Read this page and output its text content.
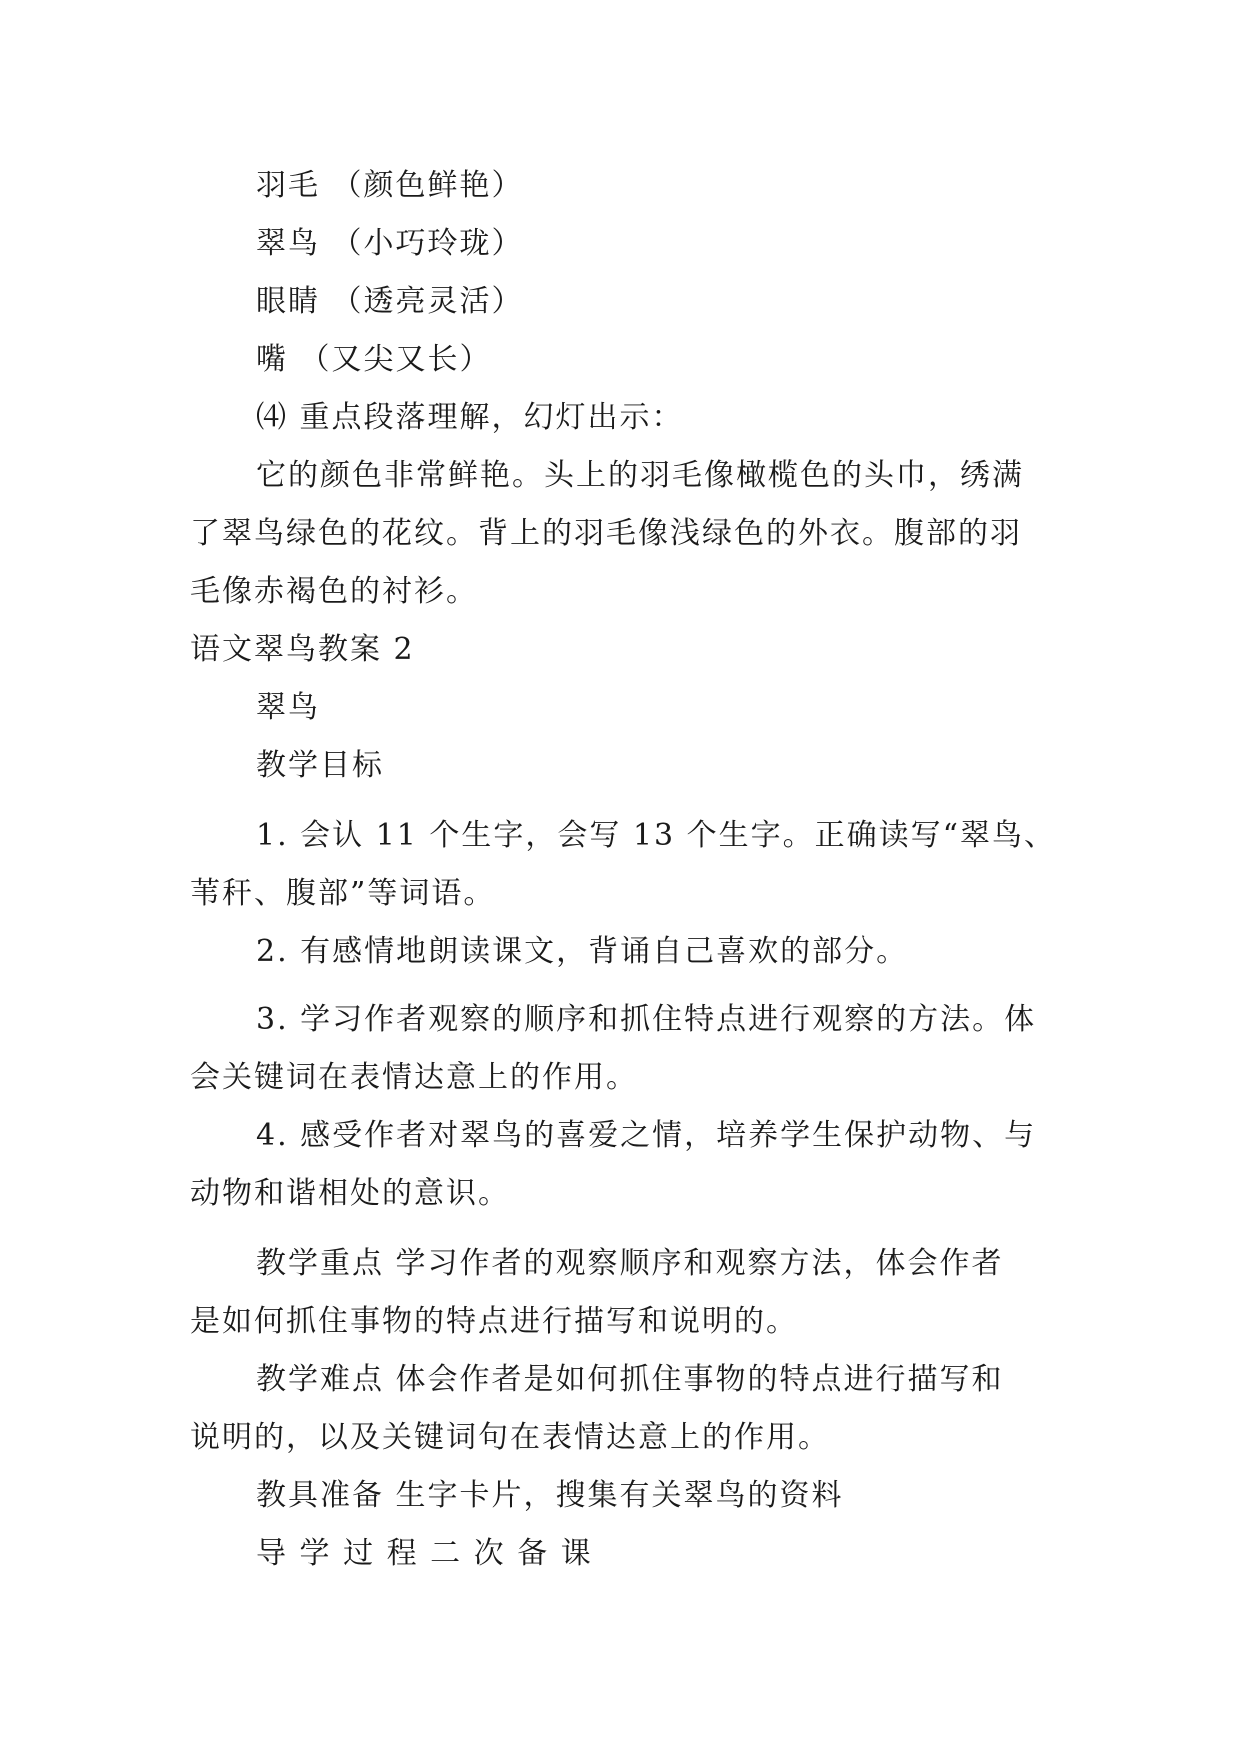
羽毛 （颜色鲜艳）
翠鸟 （小巧玲珑）
眼睛 （透亮灵活）
嘴 （又尖又长）
⑷ 重点段落理解，幻灯出示：
它的颜色非常鲜艳。头上的羽毛像橄榄色的头巾，绣满
了翠鸟绿色的花纹。背上的羽毛像浅绿色的外衣。腹部的羽
毛像赤褐色的衬衫。
语文翠鸟教案 2
翠鸟
教学目标
1. 会认 11 个生字，会写 13 个生字。正确读写“翠鸟、
苇秆、腹部”等词语。
2. 有感情地朗读课文，背诵自己喜欢的部分。
3. 学习作者观察的顺序和抓住特点进行观察的方法。体
会关键词在表情达意上的作用。
4. 感受作者对翠鸟的喜爱之情，培养学生保护动物、与
动物和谐相处的意识。
教学重点 学习作者的观察顺序和观察方法，体会作者
是如何抓住事物的特点进行描写和说明的。
教学难点 体会作者是如何抓住事物的特点进行描写和
说明的，以及关键词句在表情达意上的作用。
教具准备 生字卡片，搜集有关翠鸟的资料
导 学 过 程 二 次 备 课
